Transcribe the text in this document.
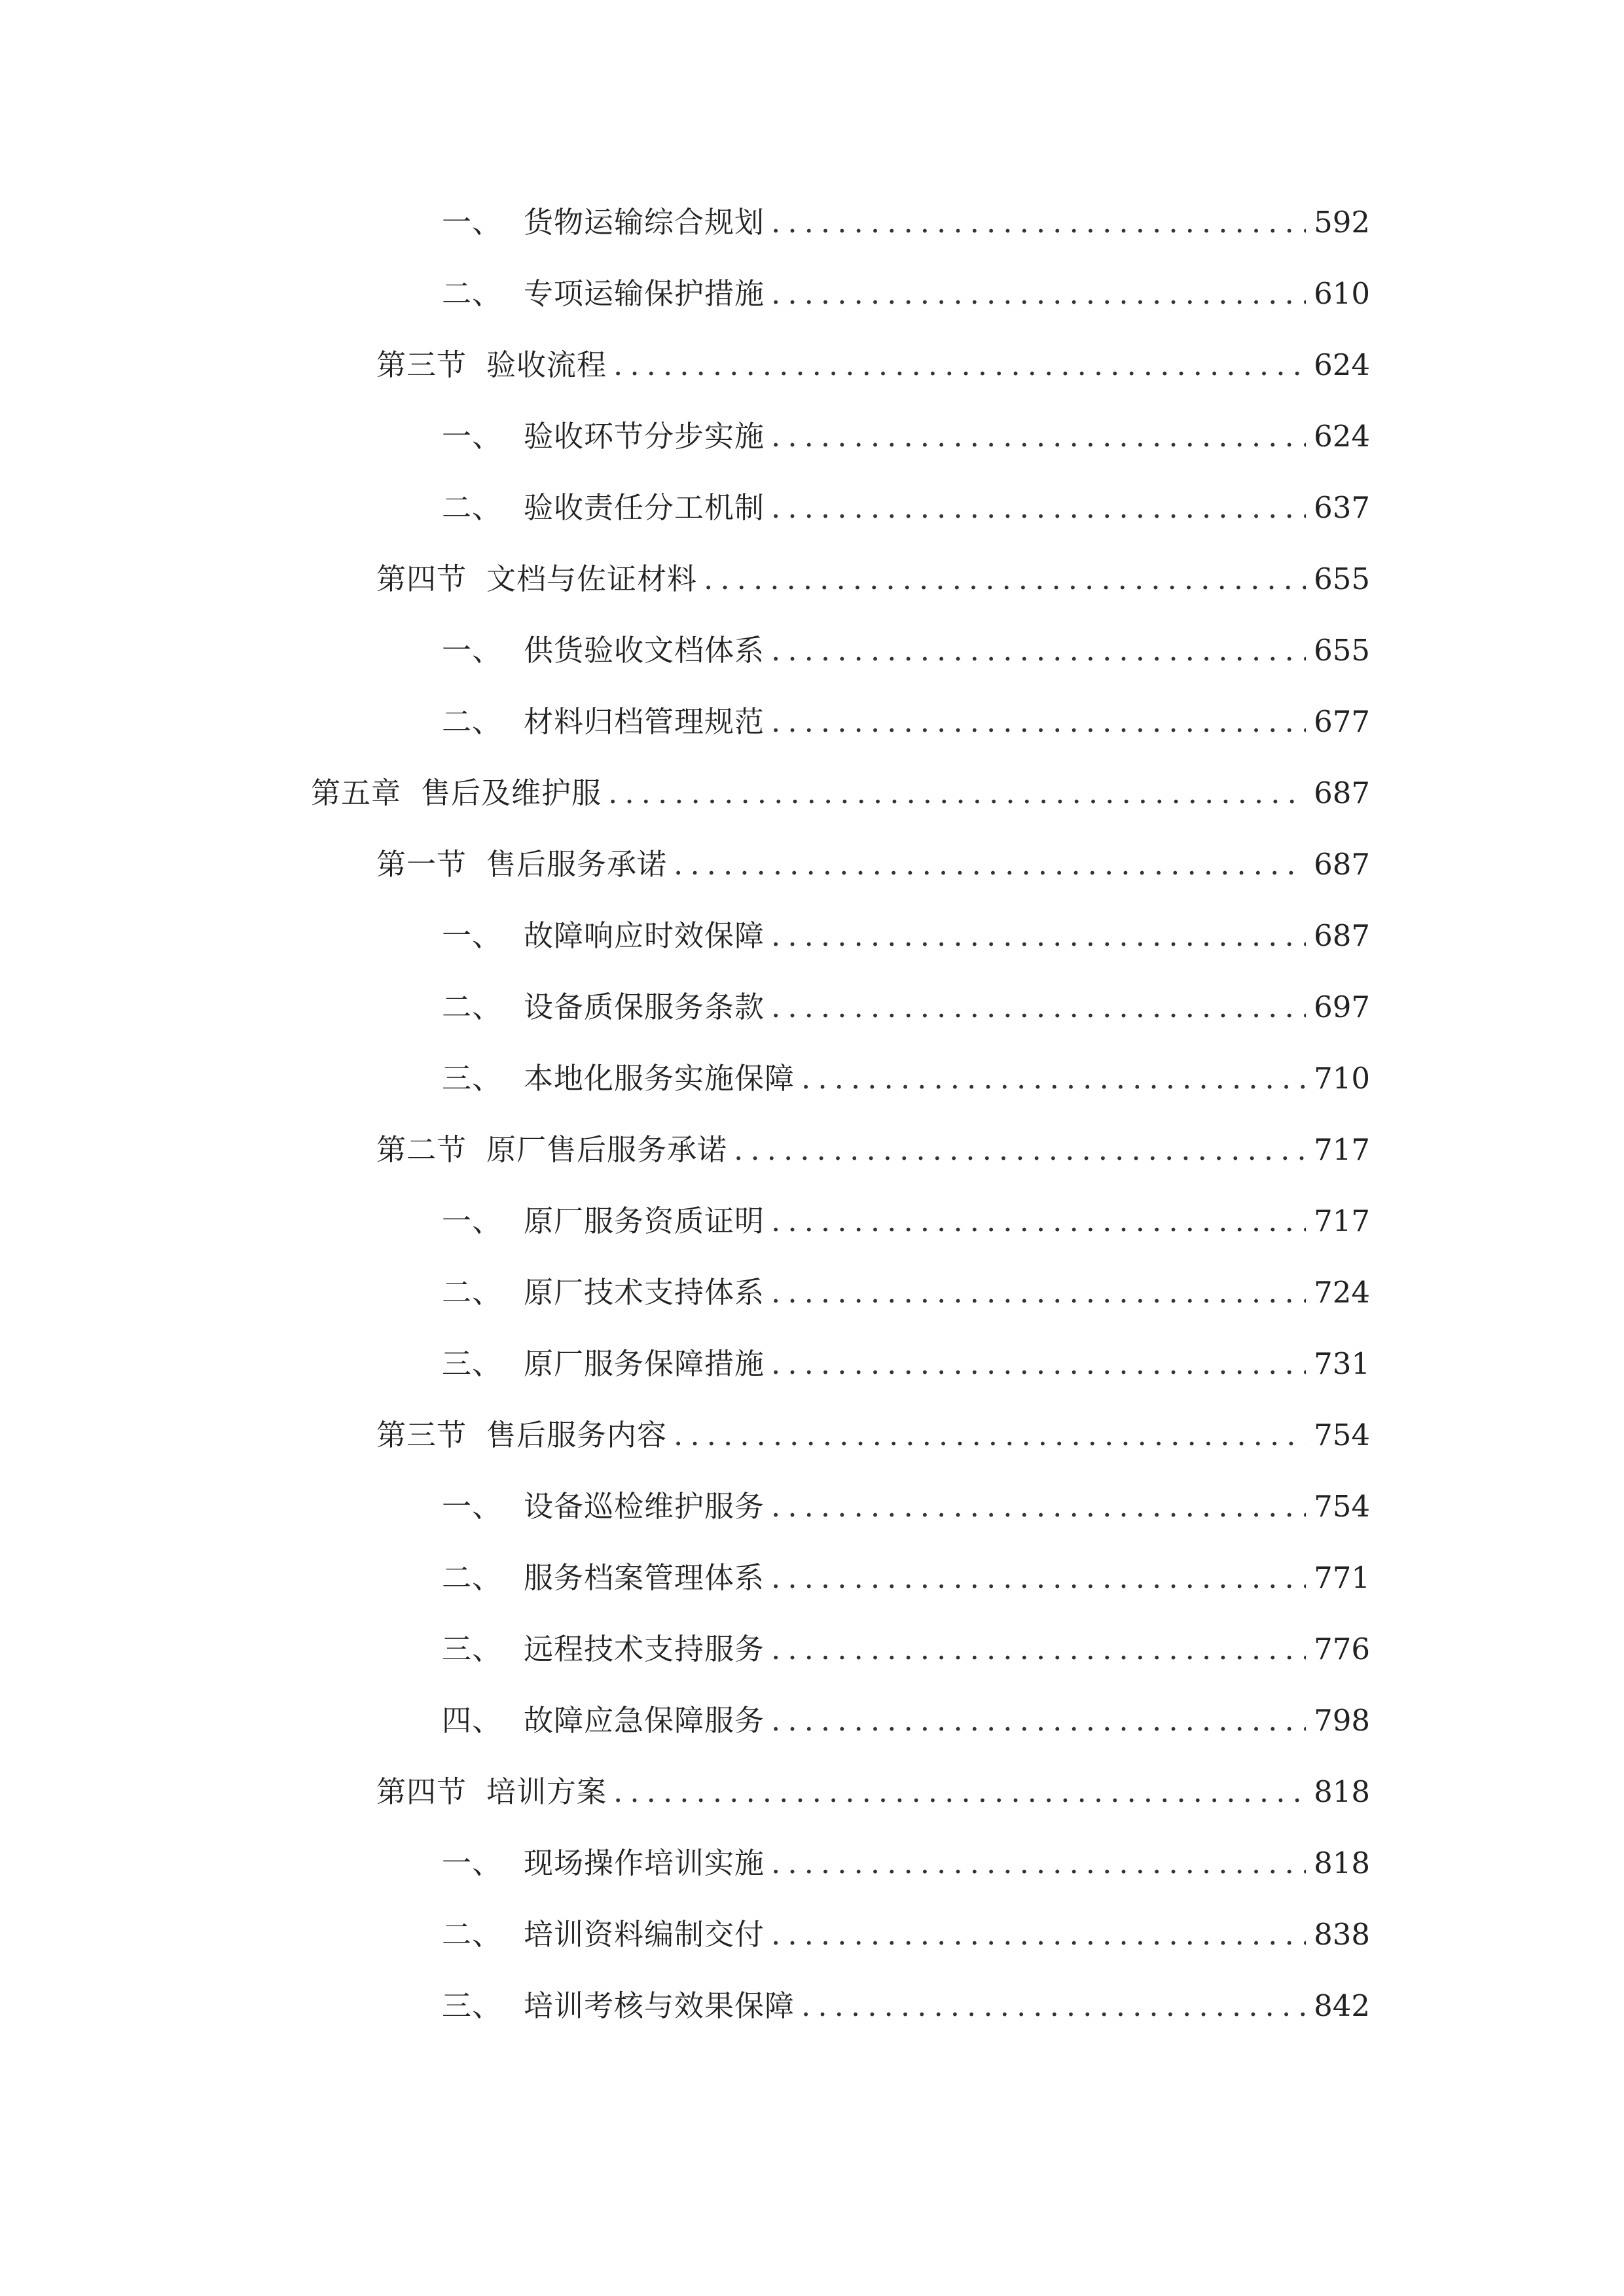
一、 货物运输综合规划 .....	592
二、 专项运输保护措施 .....	610
第三节 验收流程 .....	624
一、 验收环节分步实施 .....	624
二、 验收责任分工机制 .....	637
第四节 文档与佐证材料 .....	655
一、 供货验收文档体系 .....	655
二、 材料归档管理规范 .....	677
第五章 售后及维护服 .....	687
第一节 售后服务承诺 .....	687
一、 故障响应时效保障 .....	687
二、 设备质保服务条款 .....	697
三、 本地化服务实施保障 .....	710
第二节 原厂售后服务承诺 .....	717
一、 原厂服务资质证明 .....	717
二、 原厂技术支持体系 .....	724
三、 原厂服务保障措施 .....	731
第三节 售后服务内容 .....	754
一、 设备巡检维护服务 .....	754
二、 服务档案管理体系 .....	771
三、 远程技术支持服务 .....	776
四、 故障应急保障服务 .....	798
第四节 培训方案 .....	818
一、 现场操作培训实施 .....	818
二、 培训资料编制交付 .....	838
三、 培训考核与效果保障 .....	842
